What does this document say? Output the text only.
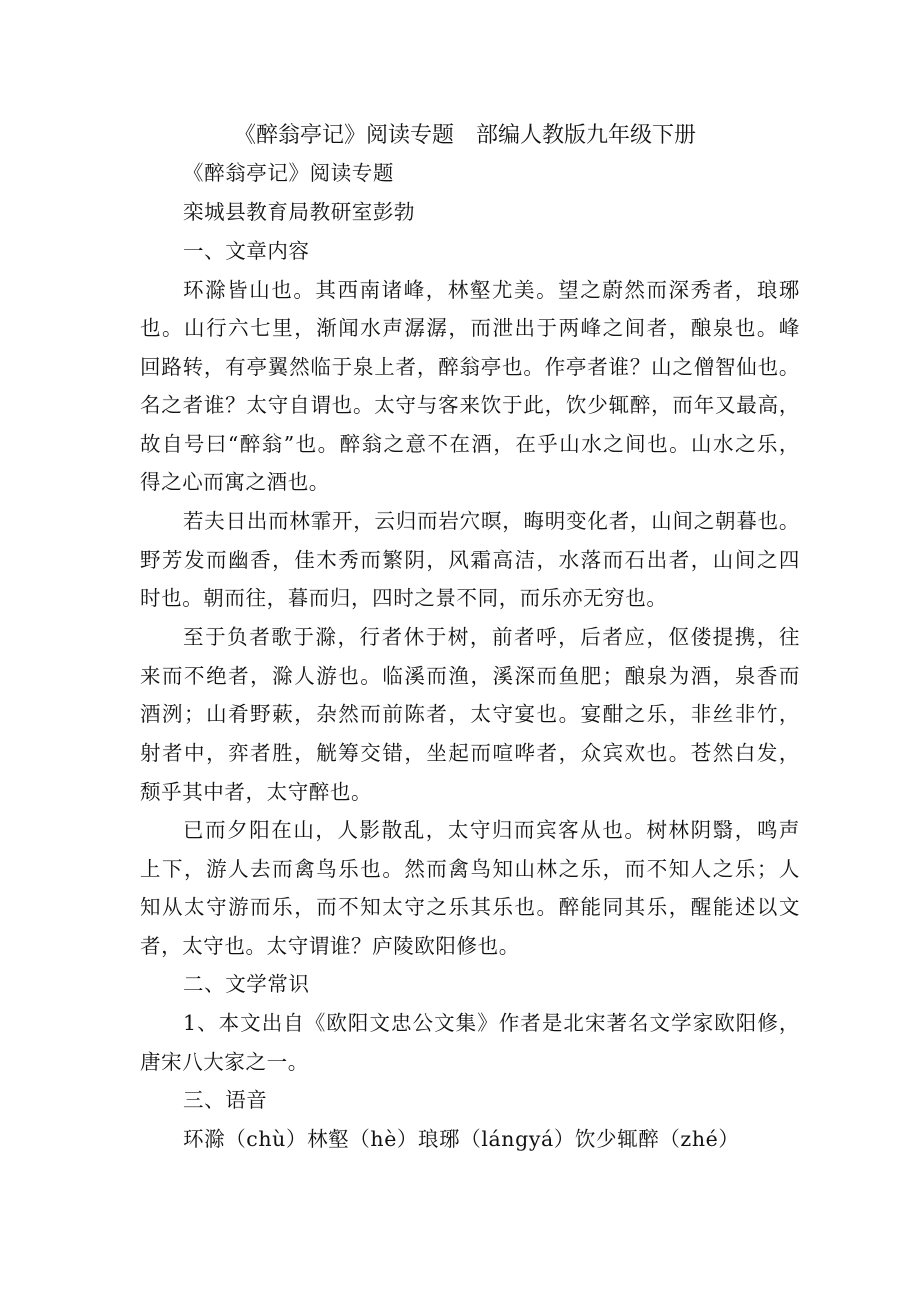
《醉翁亭记》阅读专题　部编人教版九年级下册
《醉翁亭记》阅读专题
栾城县教育局教研室彭勃
一、文章内容
环滁皆山也。其西南诸峰，林壑尤美。望之蔚然而深秀者，琅琊
也。山行六七里，渐闻水声潺潺，而泄出于两峰之间者，酿泉也。峰
回路转，有亭翼然临于泉上者，醉翁亭也。作亭者谁？山之僧智仙也。
名之者谁？太守自谓也。太守与客来饮于此，饮少辄醉，而年又最高，
故自号曰“醉翁”也。醉翁之意不在酒，在乎山水之间也。山水之乐，
得之心而寓之酒也。
若夫日出而林霏开，云归而岩穴暝，晦明变化者，山间之朝暮也。
野芳发而幽香，佳木秀而繁阴，风霜高洁，水落而石出者，山间之四
时也。朝而往，暮而归，四时之景不同，而乐亦无穷也。
至于负者歌于滁，行者休于树，前者呼，后者应，伛偻提携，往
来而不绝者，滁人游也。临溪而渔，溪深而鱼肥；酿泉为酒，泉香而
酒洌；山肴野蔌，杂然而前陈者，太守宴也。宴酣之乐，非丝非竹，
射者中，弈者胜，觥筹交错，坐起而喧哗者，众宾欢也。苍然白发，
颓乎其中者，太守醉也。
已而夕阳在山，人影散乱，太守归而宾客从也。树林阴翳，鸣声
上下，游人去而禽鸟乐也。然而禽鸟知山林之乐，而不知人之乐；人
知从太守游而乐，而不知太守之乐其乐也。醉能同其乐，醒能述以文
者，太守也。太守谓谁？庐陵欧阳修也。
二、文学常识
1、本文出自《欧阳文忠公文集》作者是北宋著名文学家欧阳修，
唐宋八大家之一。
三、语音
环滁（chù）林壑（hè）琅琊（lángyá）饮少辄醉（zhé）
